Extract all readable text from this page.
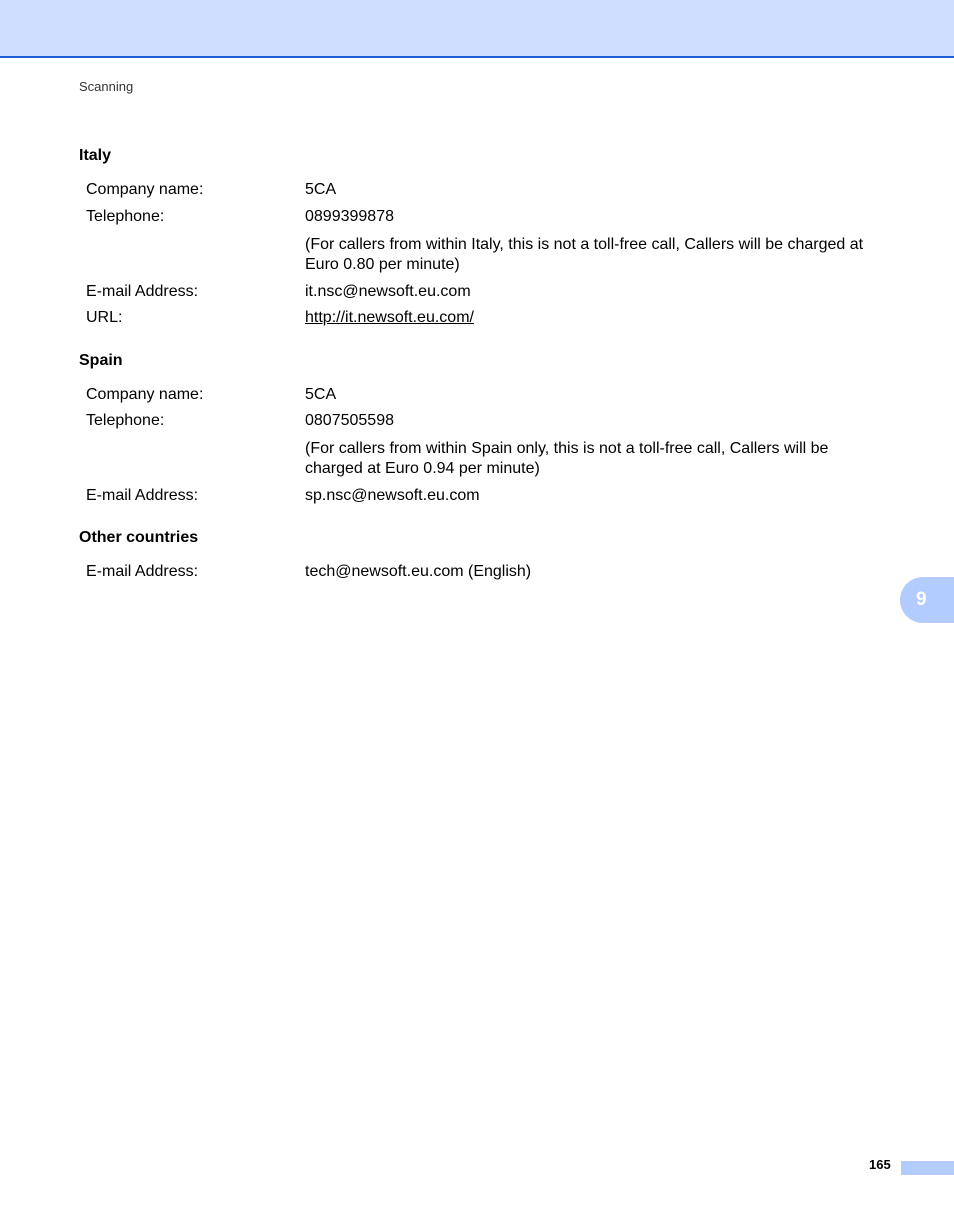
Scanning
Italy
Company name:	5CA
Telephone:	0899399878
(For callers from within Italy, this is not a toll-free call, Callers will be charged at Euro 0.80 per minute)
E-mail Address:	it.nsc@newsoft.eu.com
URL:	http://it.newsoft.eu.com/
Spain
Company name:	5CA
Telephone:	0807505598
(For callers from within Spain only, this is not a toll-free call, Callers will be charged at Euro 0.94 per minute)
E-mail Address:	sp.nsc@newsoft.eu.com
Other countries
E-mail Address:	tech@newsoft.eu.com (English)
9
165
